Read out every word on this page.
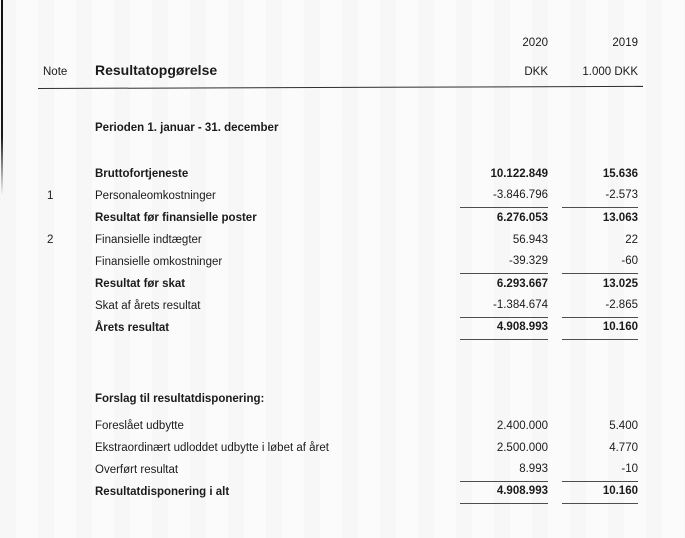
2020	2019
Note	Resultatopgørelse	DKK	1.000 DKK
Perioden 1. januar - 31. december
Bruttofortjeneste	10.122.849	15.636
1	Personaleomkostninger	-3.846.796	-2.573
Resultat før finansielle poster	6.276.053	13.063
2	Finansielle indtægter	56.943	22
Finansielle omkostninger	-39.329	-60
Resultat før skat	6.293.667	13.025
Skat af årets resultat	-1.384.674	-2.865
Årets resultat	4.908.993	10.160
Forslag til resultatdisponering:
Foreslået udbytte	2.400.000	5.400
Ekstraordinært udloddet udbytte i løbet af året	2.500.000	4.770
Overført resultat	8.993	-10
Resultatdisponering i alt	4.908.993	10.160
